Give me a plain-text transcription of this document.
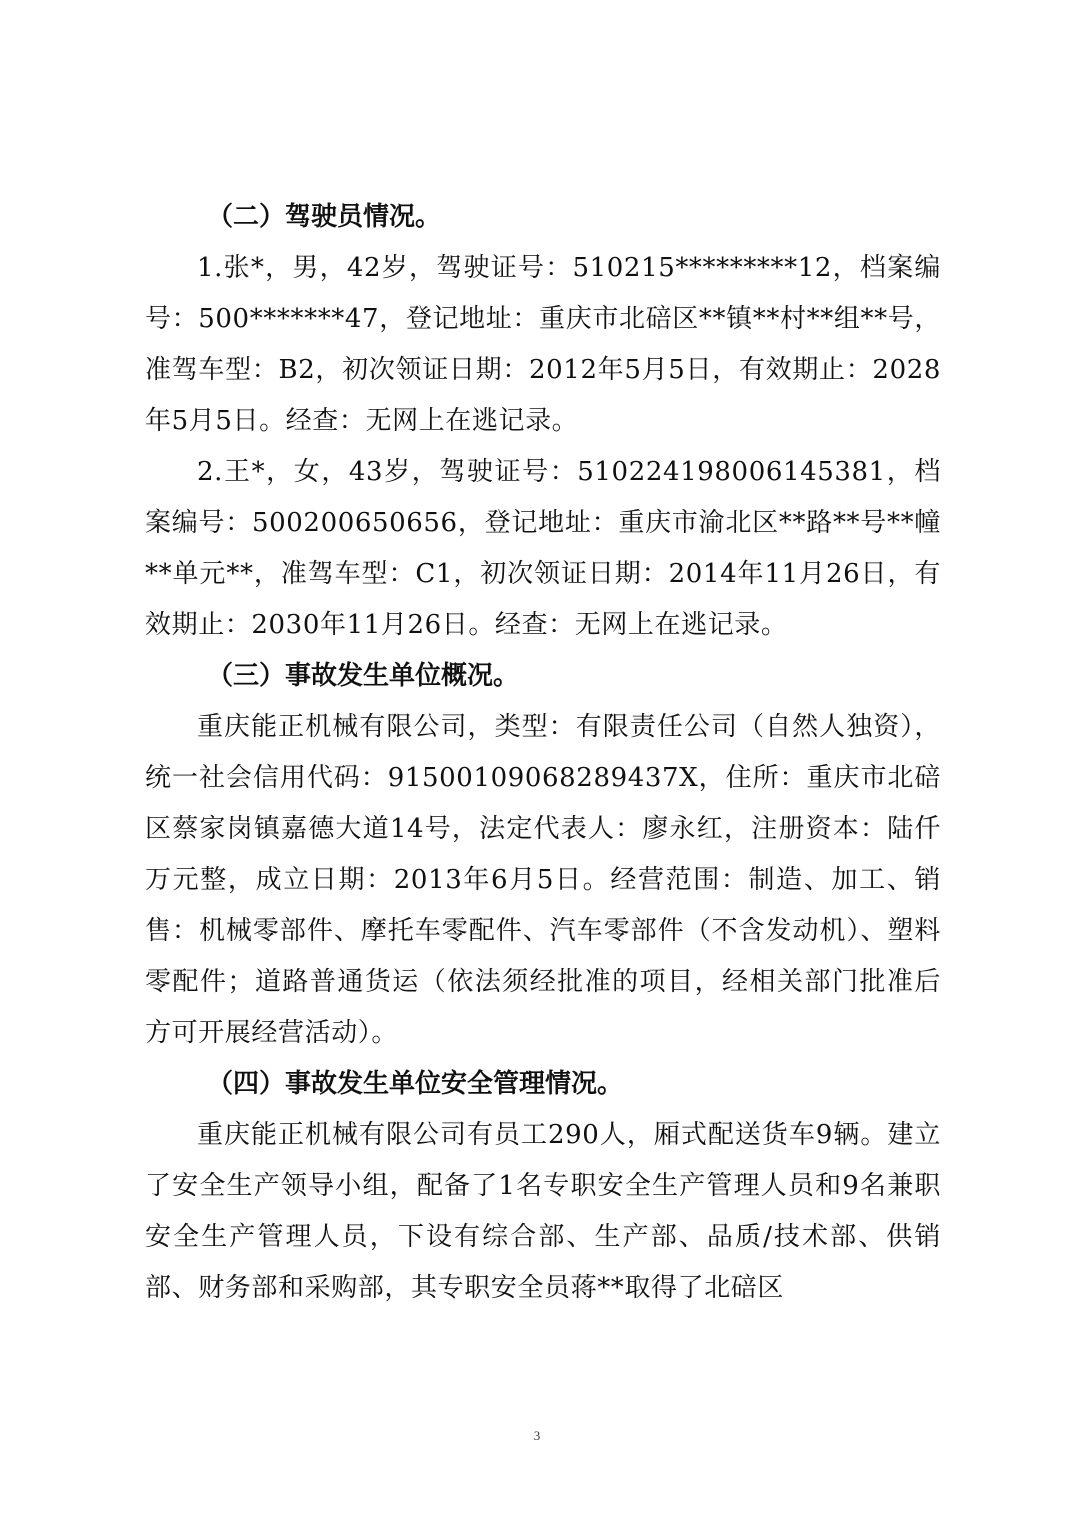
（二）驾驶员情况。

1.张*，男，42岁，驾驶证号：510215*********12，档案编号：500*******47，登记地址：重庆市北碚区**镇**村**组**号，准驾车型：B2，初次领证日期：2012年5月5日，有效期止：2028年5月5日。经查：无网上在逃记录。

2.王*，女，43岁，驾驶证号：510224198006145381，档案编号：500200650656，登记地址：重庆市渝北区**路**号**幢**单元**，准驾车型：C1，初次领证日期：2014年11月26日，有效期止：2030年11月26日。经查：无网上在逃记录。

（三）事故发生单位概况。

重庆能正机械有限公司，类型：有限责任公司（自然人独资），统一社会信用代码：91500109068289437X，住所：重庆市北碚区蔡家岗镇嘉德大道14号，法定代表人：廖永红，注册资本：陆仟万元整，成立日期：2013年6月5日。经营范围：制造、加工、销售：机械零部件、摩托车零配件、汽车零部件（不含发动机）、塑料零配件；道路普通货运（依法须经批准的项目，经相关部门批准后方可开展经营活动）。

（四）事故发生单位安全管理情况。

重庆能正机械有限公司有员工290人，厢式配送货车9辆。建立了安全生产领导小组，配备了1名专职安全生产管理人员和9名兼职安全生产管理人员，下设有综合部、生产部、品质/技术部、供销部、财务部和采购部，其专职安全员蒋**取得了北碚区

3
